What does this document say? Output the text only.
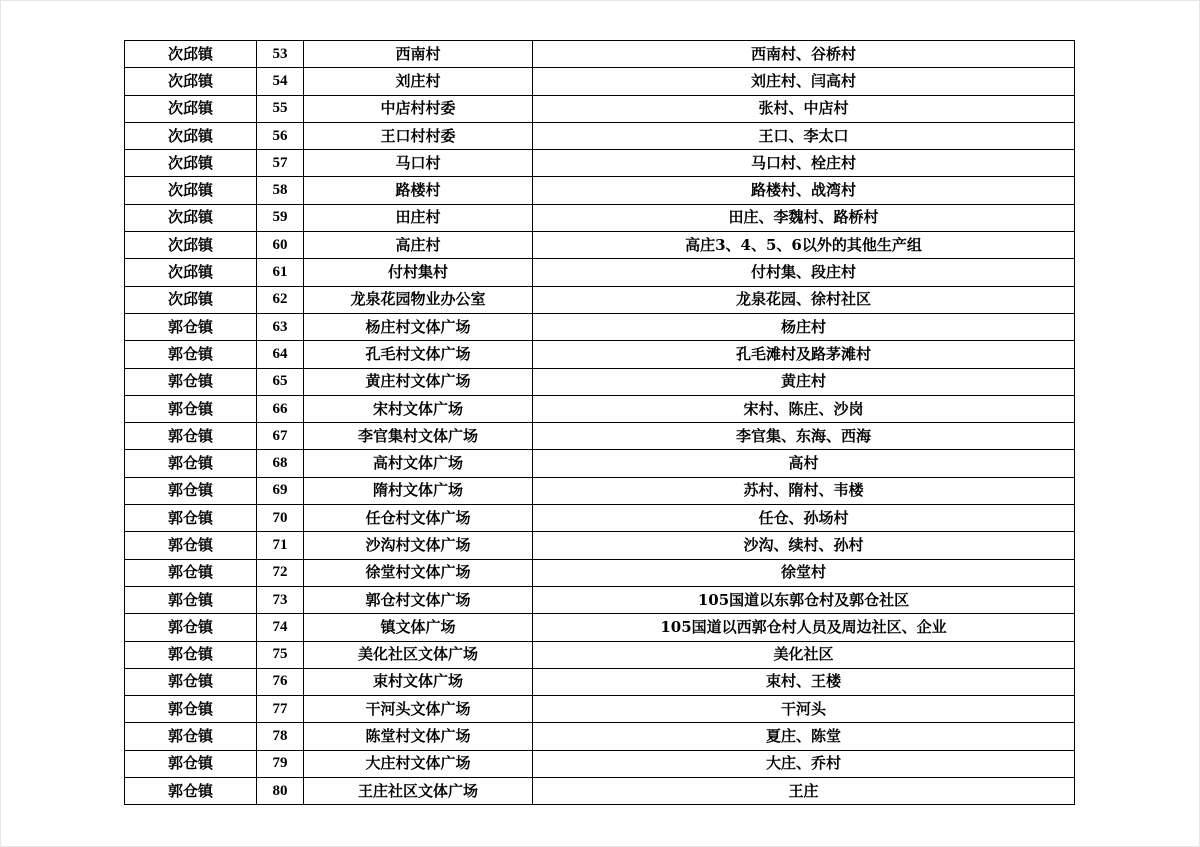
次邱镇	53	西南村	西南村、谷桥村
次邱镇	54	刘庄村	刘庄村、闫高村
次邱镇	55	中店村村委	张村、中店村
次邱镇	56	王口村村委	王口、李太口
次邱镇	57	马口村	马口村、栓庄村
次邱镇	58	路楼村	路楼村、战湾村
次邱镇	59	田庄村	田庄、李魏村、路桥村
次邱镇	60	高庄村	高庄3、4、5、6以外的其他生产组
次邱镇	61	付村集村	付村集、段庄村
次邱镇	62	龙泉花园物业办公室	龙泉花园、徐村社区
郭仓镇	63	杨庄村文体广场	杨庄村
郭仓镇	64	孔毛村文体广场	孔毛滩村及路茅滩村
郭仓镇	65	黄庄村文体广场	黄庄村
郭仓镇	66	宋村文体广场	宋村、陈庄、沙岗
郭仓镇	67	李官集村文体广场	李官集、东海、西海
郭仓镇	68	高村文体广场	高村
郭仓镇	69	隋村文体广场	苏村、隋村、韦楼
郭仓镇	70	任仓村文体广场	任仓、孙场村
郭仓镇	71	沙沟村文体广场	沙沟、续村、孙村
郭仓镇	72	徐堂村文体广场	徐堂村
郭仓镇	73	郭仓村文体广场	105国道以东郭仓村及郭仓社区
郭仓镇	74	镇文体广场	105国道以西郭仓村人员及周边社区、企业
郭仓镇	75	美化社区文体广场	美化社区
郭仓镇	76	束村文体广场	束村、王楼
郭仓镇	77	干河头文体广场	干河头
郭仓镇	78	陈堂村文体广场	夏庄、陈堂
郭仓镇	79	大庄村文体广场	大庄、乔村
郭仓镇	80	王庄社区文体广场	王庄
